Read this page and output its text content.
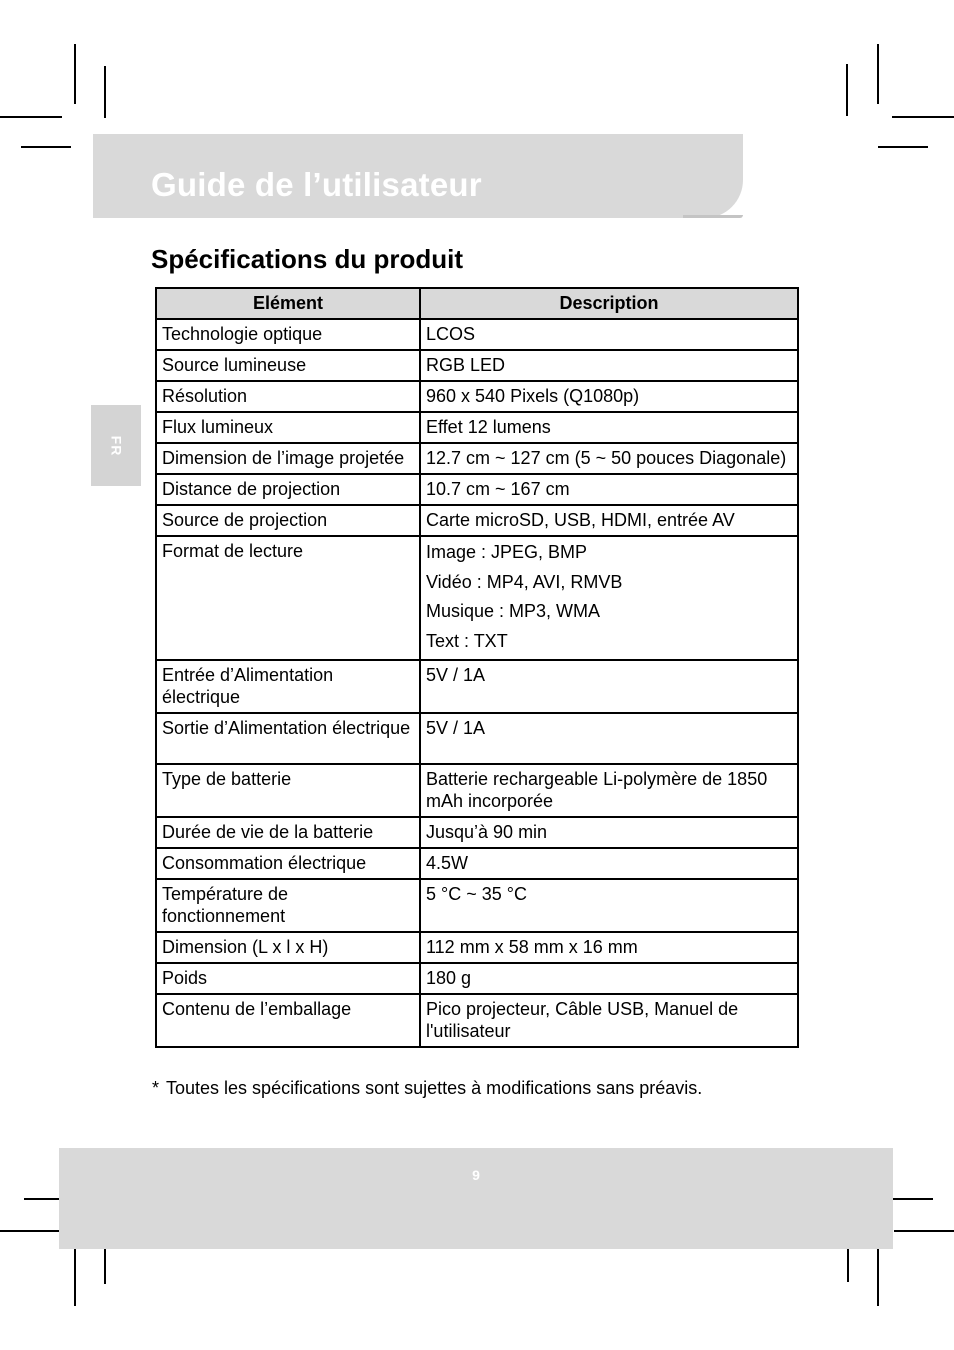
Guide de l’utilisateur
FR
Spécifications du produit
Elément	Description
Technologie optique	LCOS
Source lumineuse	RGB LED
Résolution	960 x 540 Pixels (Q1080p)
Flux lumineux	Effet 12 lumens
Dimension de l’image projetée	12.7 cm ~ 127 cm (5 ~ 50 pouces Diagonale)
Distance de projection	10.7 cm ~ 167 cm
Source de projection	Carte microSD, USB, HDMI, entrée AV
Format de lecture	Image : JPEG, BMP
Vidéo : MP4, AVI, RMVB
Musique : MP3, WMA
Text : TXT

Entrée d’Alimentation électrique	5V / 1A
Sortie d’Alimentation électrique	5V / 1A
Type de batterie	Batterie rechargeable Li-polymère de 1850 mAh incorporée
Durée de vie de la batterie	Jusqu’à 90 min
Consommation électrique	4.5W
Température de fonctionnement	5 °C ~ 35 °C
Dimension (L x l x H)	112 mm x 58 mm x 16 mm
Poids	180 g
Contenu de l’emballage	Pico projecteur, Câble USB, Manuel de l'utilisateur
* Toutes les spécifications sont sujettes à modifications sans préavis.
9
